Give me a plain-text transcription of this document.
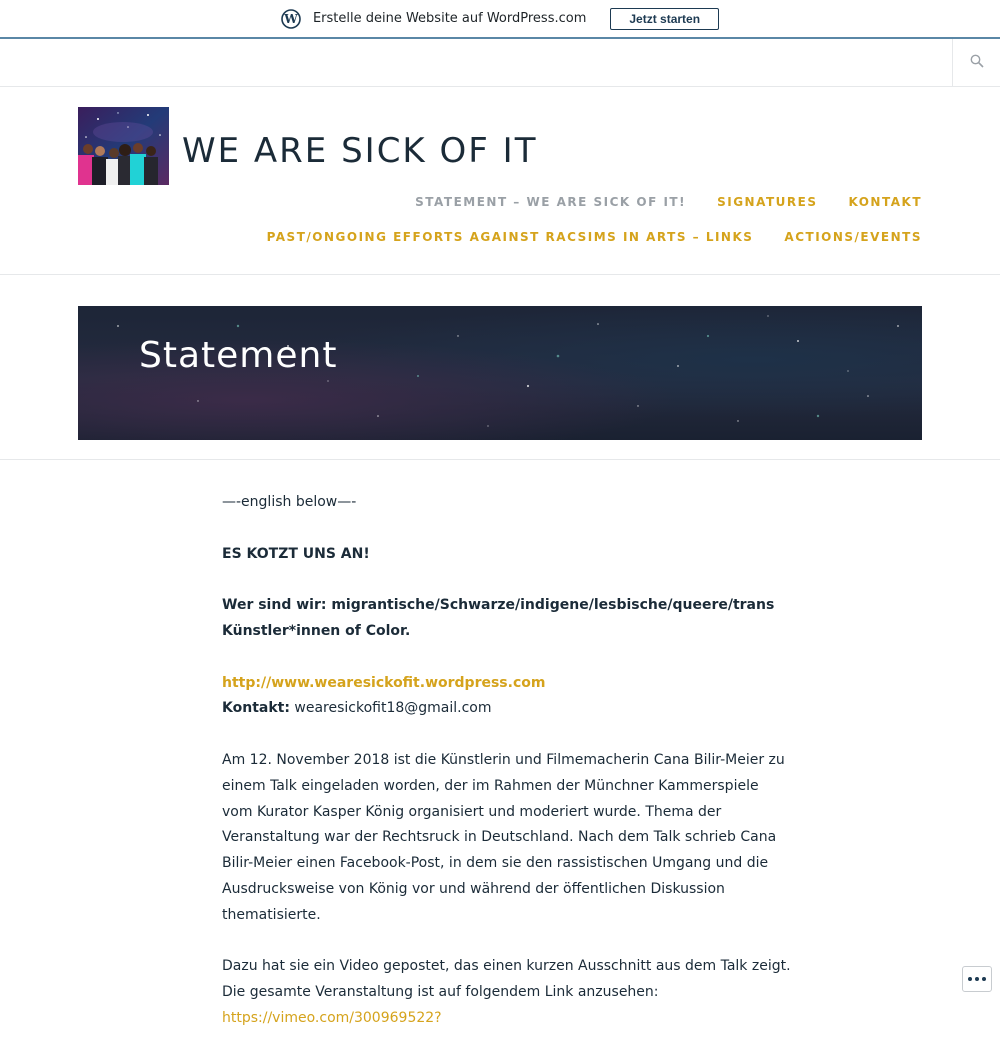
W Erstelle deine Website auf WordPress.com	Jetzt starten
WE ARE SICK OF IT
STATEMENT – WE ARE SICK OF IT!	SIGNATURES	KONTAKT
PAST/ONGOING EFFORTS AGAINST RACSIMS IN ARTS – LINKS	ACTIONS/EVENTS
Statement

—-english below—-

ES KOTZT UNS AN!

Wer sind wir: migrantische/Schwarze/indigene/lesbische/queere/trans Künstler*innen of Color.

http://www.wearesickofit.wordpress.com
Kontakt: wearesickofit18@gmail.com

Am 12. November 2018 ist die Künstlerin und Filmemacherin Cana Bilir-Meier zu einem Talk eingeladen worden, der im Rahmen der Münchner Kammerspiele vom Kurator Kasper König organisiert und moderiert wurde. Thema der Veranstaltung war der Rechtsruck in Deutschland. Nach dem Talk schrieb Cana Bilir-Meier einen Facebook-Post, in dem sie den rassistischen Umgang und die Ausdrucksweise von König vor und während der öffentlichen Diskussion thematisierte.

Dazu hat sie ein Video gepostet, das einen kurzen Ausschnitt aus dem Talk zeigt. Die gesamte Veranstaltung ist auf folgendem Link anzusehen:
https://vimeo.com/300969522?
